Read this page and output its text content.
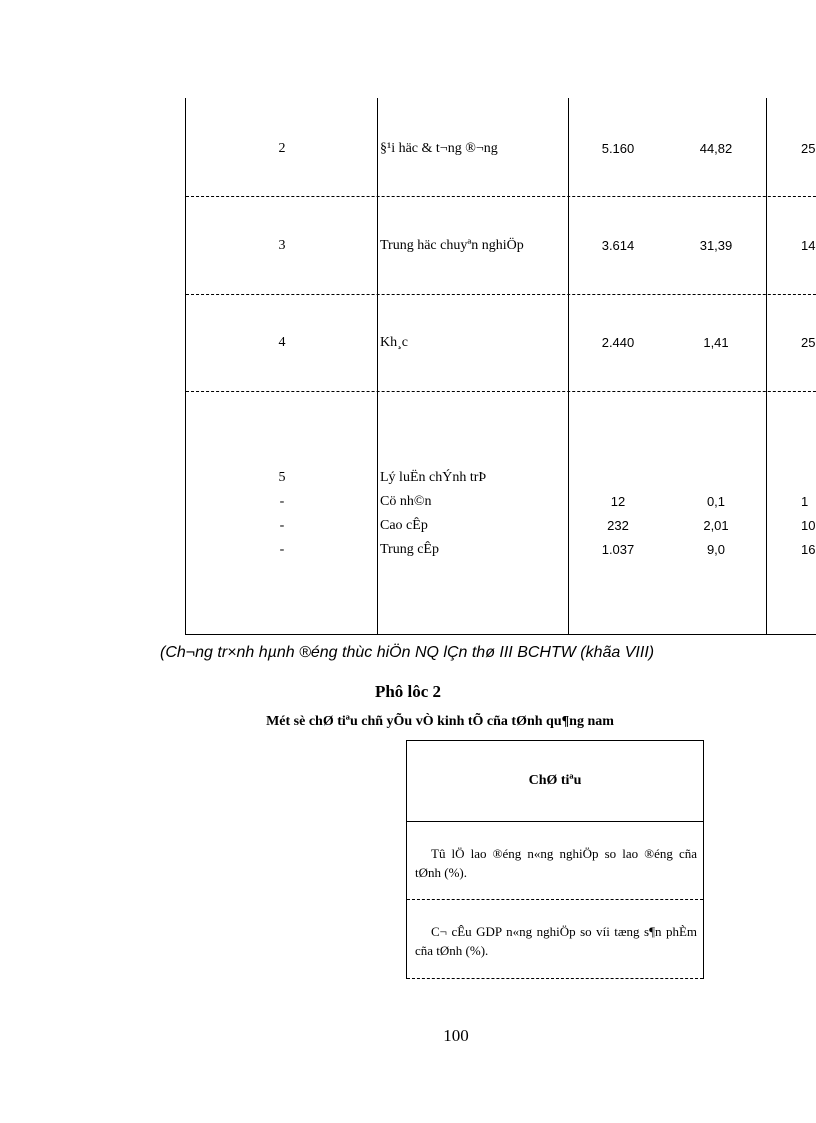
2	§¹i häc & t¬ng ®¬ng	5.160	44,82	25
3	Trung häc chuyªn nghiÖp	3.614	31,39	14
4	Kh¸c	2.440	1,41	25
5	Lý luËn chÝnh trÞ
-	Cö nh©n	12	0,1	1
-	Cao cÊp	232	2,01	10
-	Trung cÊp	1.037	9,0	16
(Ch¬ng tr×nh hµnh ®éng thùc hiÖn NQ lÇn thø III BCHTW (khãa VIII)
Phô lôc 2
Mét sè chØ tiªu chñ yÕu vÒ kinh tÕ cña tØnh qu¶ng nam
ChØ tiªu
Tû lÖ lao ®éng n«ng nghiÖp so lao ®éng cña tØnh (%).
C¬ cÊu GDP n«ng nghiÖp so víi tæng s¶n phÈm cña tØnh (%).
100
